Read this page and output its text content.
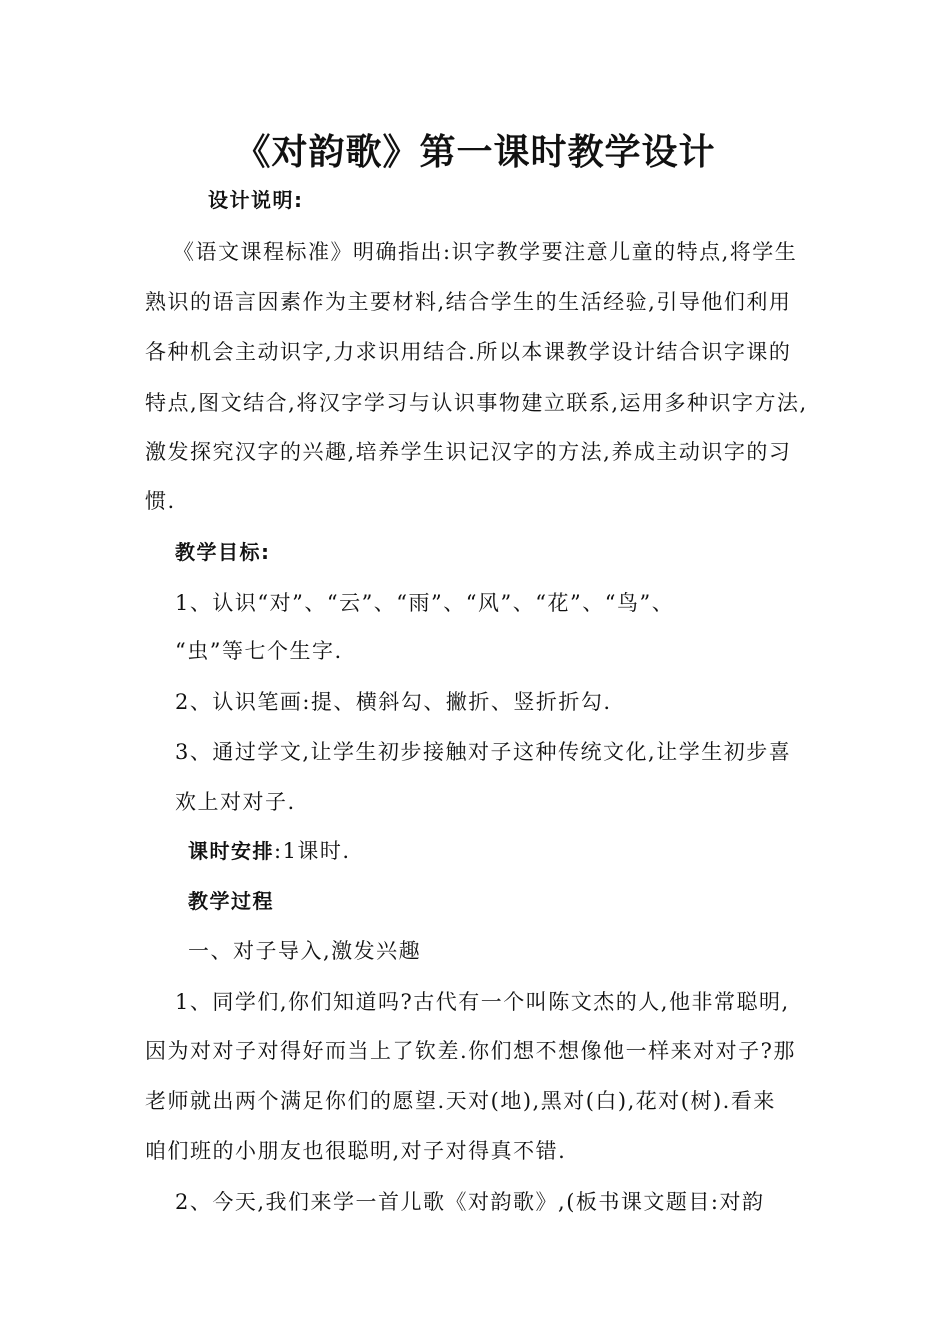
《对韵歌》第一课时教学设计
设计说明:
《语文课程标准》明确指出:识字教学要注意儿童的特点,将学生
熟识的语言因素作为主要材料,结合学生的生活经验,引导他们利用
各种机会主动识字,力求识用结合.所以本课教学设计结合识字课的
特点,图文结合,将汉字学习与认识事物建立联系,运用多种识字方法,
激发探究汉字的兴趣,培养学生识记汉字的方法,养成主动识字的习
惯.
教学目标:
1、认识“对”、“云”、“雨”、“风”、“花”、“鸟”、
“虫”等七个生字.
2、认识笔画:提、横斜勾、撇折、竖折折勾.
3、通过学文,让学生初步接触对子这种传统文化,让学生初步喜
欢上对对子.
课时安排:1课时.
教学过程
一、对子导入,激发兴趣
1、同学们,你们知道吗?古代有一个叫陈文杰的人,他非常聪明,
因为对对子对得好而当上了钦差.你们想不想像他一样来对对子?那
老师就出两个满足你们的愿望.天对(地),黑对(白),花对(树).看来
咱们班的小朋友也很聪明,对子对得真不错.
2、今天,我们来学一首儿歌《对韵歌》,(板书课文题目:对韵
